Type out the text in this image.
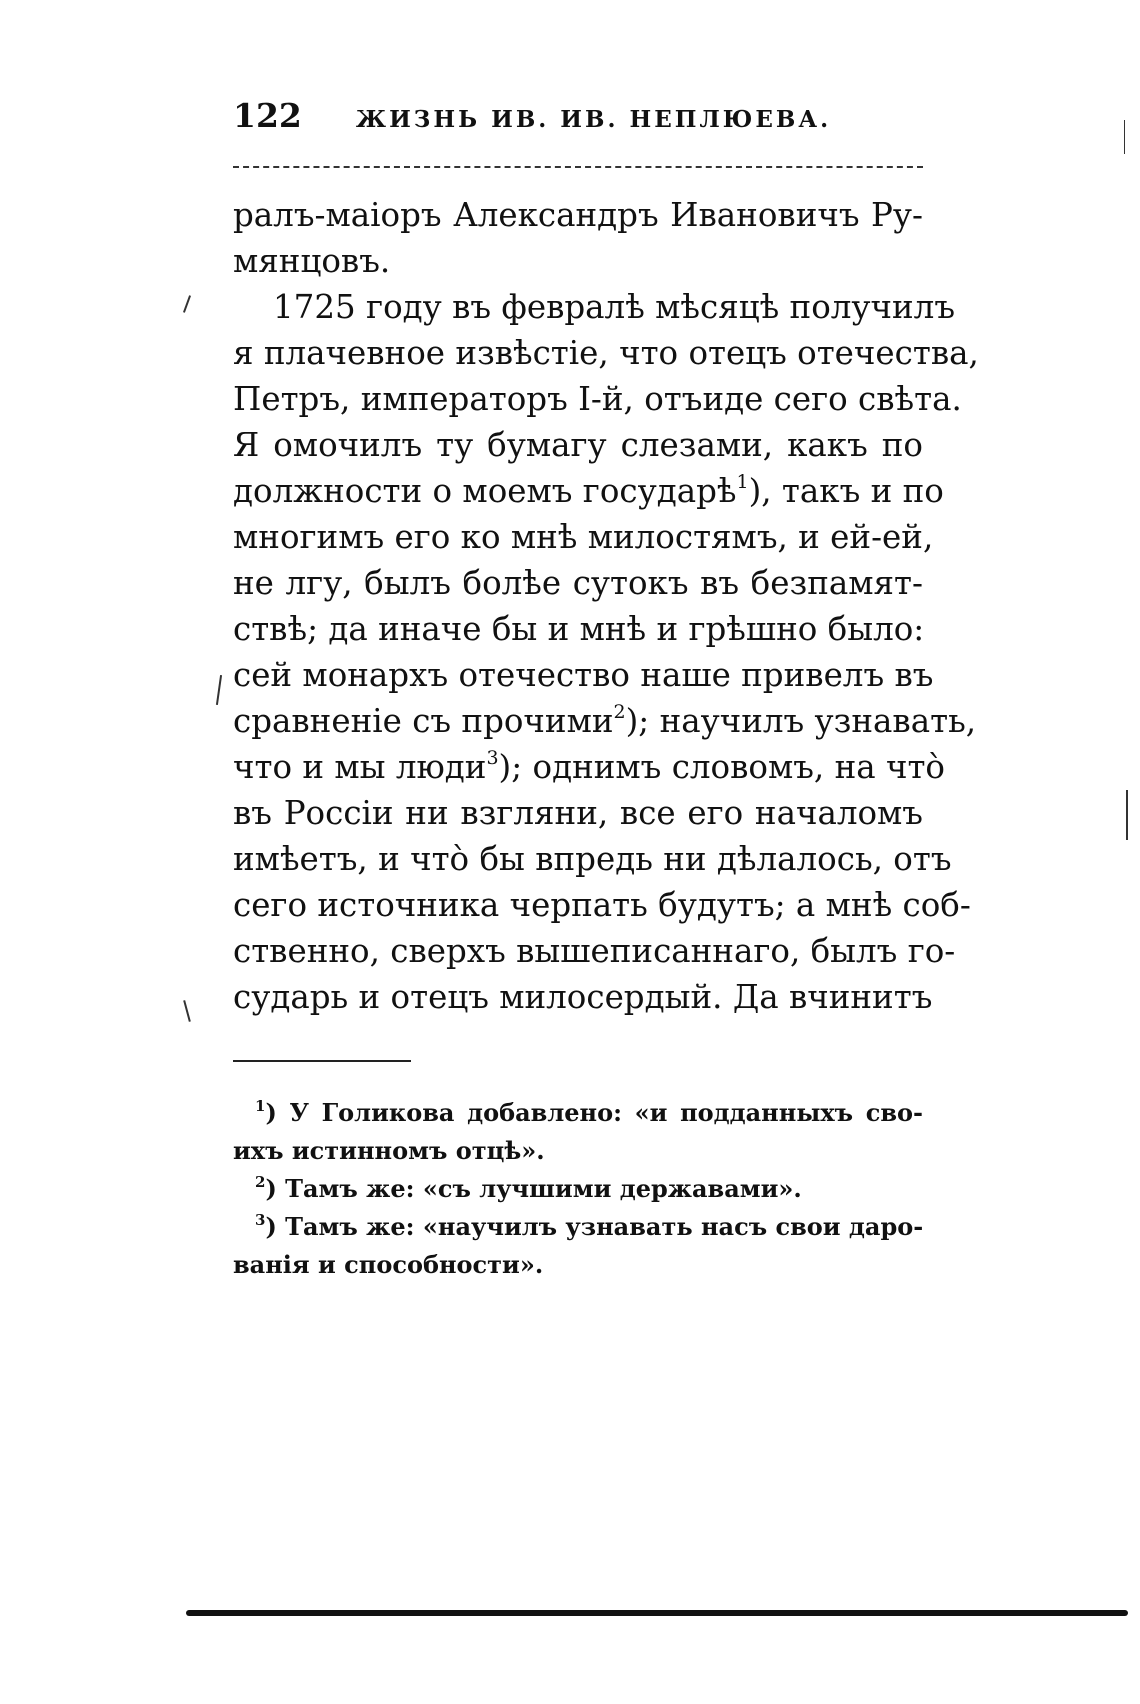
122 ЖИЗНЬ ИВ. ИВ. НЕПЛЮЕВА.
ралъ-маіоръ Александръ Ивановичъ Ру-
мянцовъ.
1725 году въ февралѣ мѣсяцѣ получилъ
я плачевное извѣстіе, что отецъ отечества,
Петръ, императоръ I-й, отъиде сего свѣта.
Я омочилъ ту бумагу слезами, какъ по
должности о моемъ государѣ$^1$), такъ и по
многимъ его ко мнѣ милостямъ, и ей-ей,
не лгу, былъ болѣе сутокъ въ безпамят-
ствѣ; да иначе бы и мнѣ и грѣшно было:
сей монархъ отечество наше привелъ въ
сравненіе съ прочими$^2$); научилъ узнавать,
что и мы люди$^3$); однимъ словомъ, на что̀
въ Россіи ни взгляни, все его началомъ
имѣетъ, и что̀ бы впредь ни дѣлалось, отъ
сего источника черпать будутъ; а мнѣ соб-
ственно, сверхъ вышеписаннаго, былъ го-
сударь и отецъ милосердый. Да вчинитъ
$^1$) У Голикова добавлено: «и подданныхъ сво-
ихъ истинномъ отцѣ».
$^2$) Тамъ же: «съ лучшими державами».
$^3$) Тамъ же: «научилъ узнавать насъ свои даро-
ванія и способности».
